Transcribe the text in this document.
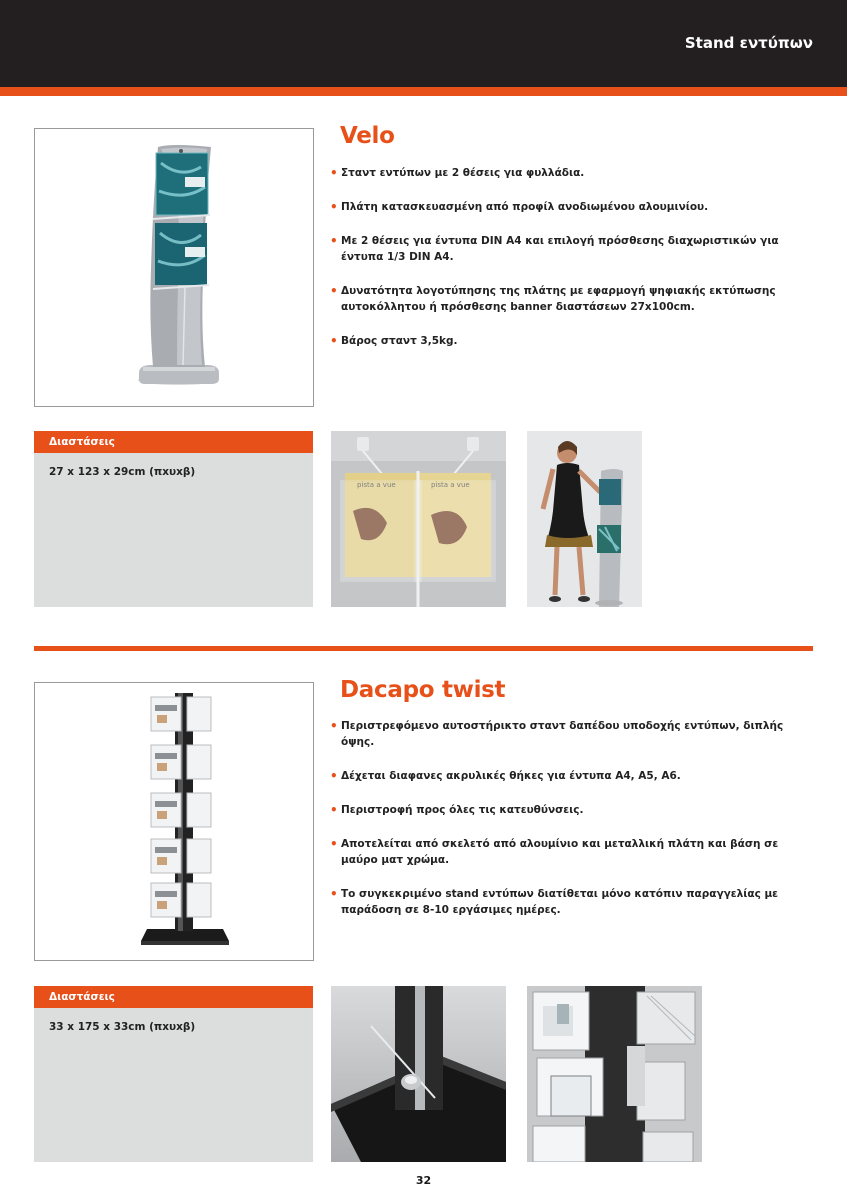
Stand εντύπων
Velo
• Σταντ εντύπων με 2 θέσεις για φυλλάδια.
• Πλάτη κατασκευασμένη από προφίλ ανοδιωμένου αλουμινίου.
• Με 2 θέσεις για έντυπα DIN A4 και επιλογή πρόσθεσης διαχωριστικών για έντυπα 1/3 DIN A4.
• Δυνατότητα λογοτύπησης της πλάτης με εφαρμογή ψηφιακής εκτύπωσης αυτοκόλλητου ή πρόσθεσης banner διαστάσεων 27x100cm.
• Βάρος σταντ 3,5kg.
Διαστάσεις
27 x 123 x 29cm (πxυxβ)
pista a vue	pista a vue
Dacapo twist
• Περιστρεφόμενο αυτοστήρικτο σταντ δαπέδου υποδοχής εντύπων, διπλής όψης.
• Δέχεται διαφανες ακρυλικές θήκες για έντυπα Α4, Α5, Α6.
• Περιστροφή προς όλες τις κατευθύνσεις.
• Αποτελείται από σκελετό από αλουμίνιο και μεταλλική πλάτη και βάση σε μαύρο ματ χρώμα.
• Το συγκεκριμένο stand εντύπων διατίθεται μόνο κατόπιν παραγγελίας με παράδοση σε 8-10 εργάσιμες ημέρες.
Διαστάσεις
33 x 175 x 33cm (πxυxβ)
32
